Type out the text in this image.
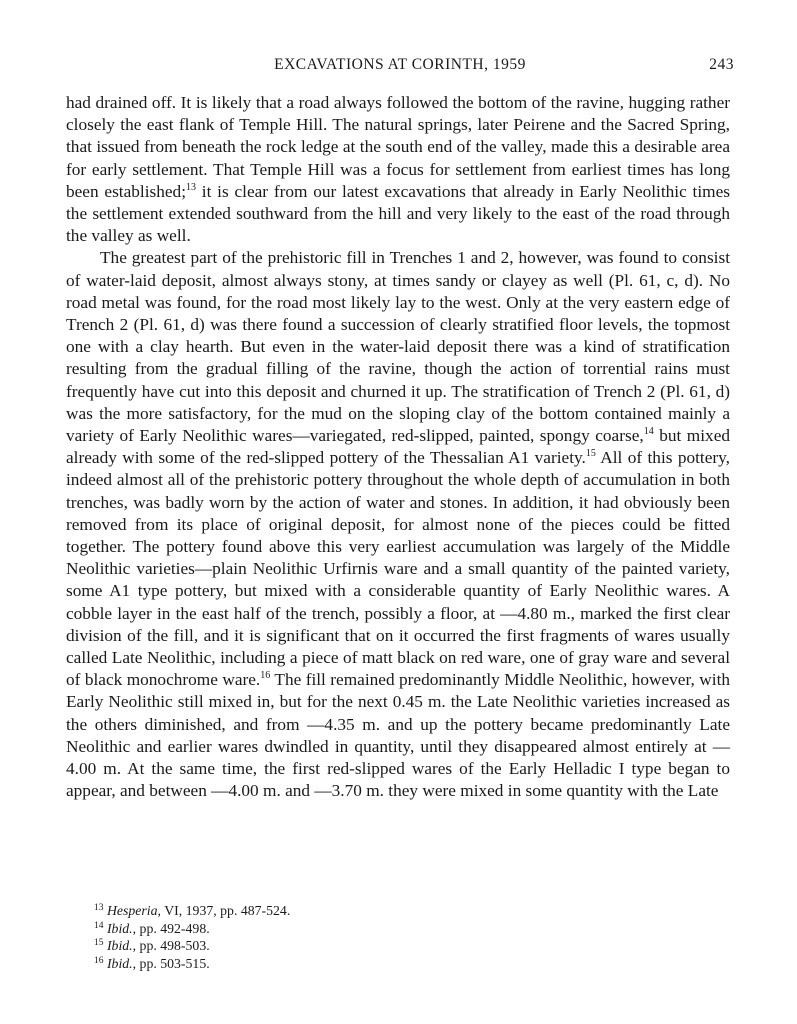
EXCAVATIONS AT CORINTH, 1959	243

had drained off. It is likely that a road always followed the bottom of the ravine, hugging rather closely the east flank of Temple Hill. The natural springs, later Peirene and the Sacred Spring, that issued from beneath the rock ledge at the south end of the valley, made this a desirable area for early settlement. That Temple Hill was a focus for settlement from earliest times has long been established;$^{13}$ it is clear from our latest excavations that already in Early Neolithic times the settlement extended southward from the hill and very likely to the east of the road through the valley as well.

The greatest part of the prehistoric fill in Trenches 1 and 2, however, was found to consist of water-laid deposit, almost always stony, at times sandy or clayey as well (Pl. 61, c, d). No road metal was found, for the road most likely lay to the west. Only at the very eastern edge of Trench 2 (Pl. 61, d) was there found a succession of clearly stratified floor levels, the topmost one with a clay hearth. But even in the water-laid deposit there was a kind of stratification resulting from the gradual filling of the ravine, though the action of torrential rains must frequently have cut into this deposit and churned it up. The stratification of Trench 2 (Pl. 61, d) was the more satisfactory, for the mud on the sloping clay of the bottom contained mainly a variety of Early Neolithic wares—variegated, red-slipped, painted, spongy coarse,$^{14}$ but mixed already with some of the red-slipped pottery of the Thessalian A1 variety.$^{15}$ All of this pottery, indeed almost all of the prehistoric pottery throughout the whole depth of accumulation in both trenches, was badly worn by the action of water and stones. In addition, it had obviously been removed from its place of original deposit, for almost none of the pieces could be fitted together. The pottery found above this very earliest accumulation was largely of the Middle Neolithic varieties—plain Neolithic Urfirnis ware and a small quantity of the painted variety, some A1 type pottery, but mixed with a considerable quantity of Early Neolithic wares. A cobble layer in the east half of the trench, possibly a floor, at —4.80 m., marked the first clear division of the fill, and it is significant that on it occurred the first fragments of wares usually called Late Neolithic, including a piece of matt black on red ware, one of gray ware and several of black monochrome ware.$^{16}$ The fill remained predominantly Middle Neolithic, however, with Early Neolithic still mixed in, but for the next 0.45 m. the Late Neolithic varieties increased as the others diminished, and from —4.35 m. and up the pottery became predominantly Late Neolithic and earlier wares dwindled in quantity, until they disappeared almost entirely at —4.00 m. At the same time, the first red-slipped wares of the Early Helladic I type began to appear, and between —4.00 m. and —3.70 m. they were mixed in some quantity with the Late

$^{13}$ Hesperia, VI, 1937, pp. 487-524.
$^{14}$ Ibid., pp. 492-498.
$^{15}$ Ibid., pp. 498-503.
$^{16}$ Ibid., pp. 503-515.
